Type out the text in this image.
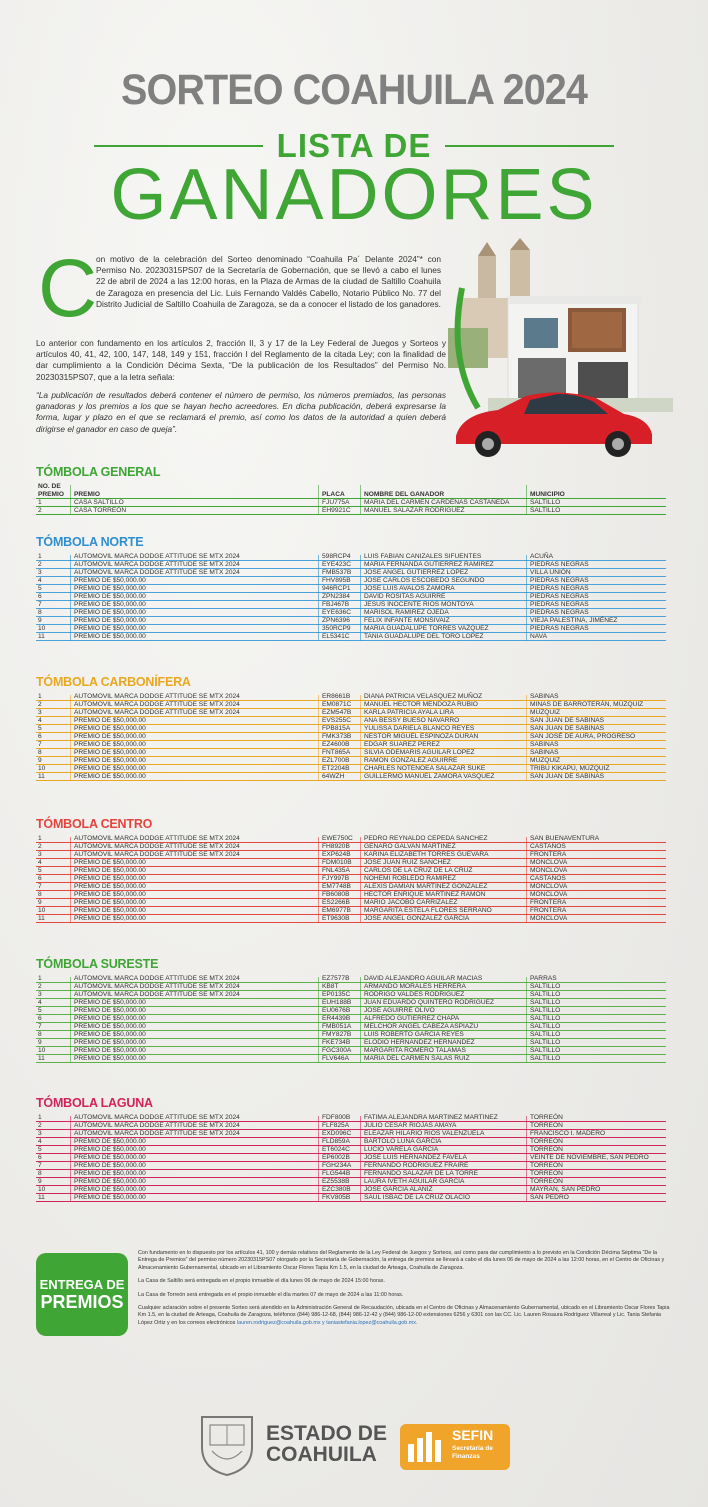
SORTEO COAHUILA 2024
LISTA DE
GANADORES
C
on motivo de la celebración del Sorteo denominado “Coahuila Pa´ Delante 2024”* con Permiso No. 20230315PS07 de la Secretaría de Gobernación, que se llevó a cabo el lunes 22 de abril de 2024 a las 12:00 horas, en la Plaza de Armas de la ciudad de Saltillo Coahuila de Zaragoza en presencia del Lic. Luis Fernando Valdés Cabello, Notario Público No. 77 del Distrito Judicial de Saltillo Coahuila de Zaragoza, se da a conocer el listado de los ganadores.
Lo anterior con fundamento en los artículos 2, fracción II, 3 y 17 de la Ley Federal de Juegos y Sorteos y artículos 40, 41, 42, 100, 147, 148, 149 y 151, fracción I del Reglamento de la citada Ley; con la finalidad de dar cumplimiento a la Condición Décima Sexta, “De la publicación de los Resultados” del Permiso No. 20230315PS07, que a la letra señala:
“La publicación de resultados deberá contener el número de permiso, los números premiados, las personas ganadoras y los premios a los que se hayan hecho acreedores. En dicha publicación, deberá expresarse la forma, lugar y plazo en el que se reclamará el premio, así como los datos de la autoridad a quien deberá dirigirse el ganador en caso de queja”.
TÓMBOLA GENERAL
NO. DE PREMIO	PREMIO	PLACA	NOMBRE DEL GANADOR	MUNICIPIO
1	CASA SALTILLO	FJU775A MARIA DEL CARMEN CARDENAS CASTAÑEDA	SALTILLO
2	CASA TORREÓN	EH9921C MANUEL SALAZAR RODRIGUEZ	SALTILLO
TÓMBOLA NORTE
1	AUTOMOVIL MARCA DODGE ATTITUDE SE MTX 2024	598RCP4 LUIS FABIAN CANIZALES SIFUENTES	ACUÑA
2	AUTOMOVIL MARCA DODGE ATTITUDE SE MTX 2024	EYE423C MARIA FERNANDA GUTIERREZ RAMIREZ	PIEDRAS NEGRAS
3	AUTOMOVIL MARCA DODGE ATTITUDE SE MTX 2024	FMB537B JOSE ANGEL GUTIERREZ LOPEZ	VILLA UNIÓN
4	PREMIO DE $50,000.00	FHV895B JOSE CARLOS ESCOBEDO SEGUNDO	PIEDRAS NEGRAS
5	PREMIO DE $50,000.00	946RCP1 JOSE LUIS AVALOS ZAMORA	PIEDRAS NEGRAS
6	PREMIO DE $50,000.00	ZPN2384 DAVID ROSITAS AGUIRRE	PIEDRAS NEGRAS
7	PREMIO DE $50,000.00	FBJ467B JESUS INOCENTE RIOS MONTOYA	PIEDRAS NEGRAS
8	PREMIO DE $50,000.00	EYE636C MARISOL RAMIREZ OJEDA	PIEDRAS NEGRAS
9	PREMIO DE $50,000.00	ZPN6396 FELIX INFANTE MONSIVAIZ	VIEJA PALESTINA, JIMÉNEZ
10	PREMIO DE $50,000.00	350RCP9 MARIA GUADALUPE TORRES VAZQUEZ	PIEDRAS NEGRAS
11	PREMIO DE $50,000.00	EL5341C TANIA GUADALUPE DEL TORO LOPEZ	NAVA
TÓMBOLA CARBONÍFERA
1	AUTOMOVIL MARCA DODGE ATTITUDE SE MTX 2024	ER8661B DIANA PATRICIA VELASQUEZ MUÑOZ	SABINAS
2	AUTOMOVIL MARCA DODGE ATTITUDE SE MTX 2024	EM0871C MANUEL HECTOR MENDOZA RUBIO	MINAS DE BARROTERÁN, MÚZQUIZ
3	AUTOMOVIL MARCA DODGE ATTITUDE SE MTX 2024	EZM547B KARLA PATRICIA AYALA LIRA	MÚZQUIZ
4	PREMIO DE $50,000.00	EVS255C ANA BESSY BUESO NAVARRO	SAN JUAN DE SABINAS
5	PREMIO DE $50,000.00	FPB815A YULISSA DARIELA BLANCO REYES	SAN JUAN DE SABINAS
6	PREMIO DE $50,000.00	FMK373B NESTOR MIGUEL ESPINOZA DURAN	SAN JOSÉ DE AURA, PROGRESO
7	PREMIO DE $50,000.00	EZ4600B EDGAR SUAREZ PEREZ	SABINAS
8	PREMIO DE $50,000.00	FNT865A SILVIA ODEMARIS AGUILAR LOPEZ	SABINAS
9	PREMIO DE $50,000.00	EZL700B RAMON GONZALEZ AGUIRRE	MÚZQUIZ
10	PREMIO DE $50,000.00	ET2204B CHARLES NOTENOEA SALAZAR SUKE	TRIBU KIKAPÚ, MÚZQUIZ
11	PREMIO DE $50,000.00	64WZH	GUILLERMO MANUEL ZAMORA VASQUEZ	SAN JUAN DE SABINAS
TÓMBOLA CENTRO
1	AUTOMOVIL MARCA DODGE ATTITUDE SE MTX 2024	EWE750C PEDRO REYNALDO CEPEDA SANCHEZ	SAN BUENAVENTURA
2	AUTOMOVIL MARCA DODGE ATTITUDE SE MTX 2024	FH8920B GENARO GALVAN MARTINEZ	CASTAÑOS
3	AUTOMOVIL MARCA DODGE ATTITUDE SE MTX 2024	EXP624B KARINA ELIZABETH TORRES GUEVARA	FRONTERA
4	PREMIO DE $50,000.00	FDM010B JOSE JUAN RUIZ SANCHEZ	MONCLOVA
5	PREMIO DE $50,000.00	FNL435A CARLOS DE LA CRUZ DE LA CRUZ	MONCLOVA
6	PREMIO DE $50,000.00	FJY997B NOHEMI ROBLEDO RAMIREZ	CASTAÑOS
7	PREMIO DE $50,000.00	EM7748B ALEXIS DAMIAN MARTINEZ GONZALEZ	MONCLOVA
8	PREMIO DE $50,000.00	FB6080B HECTOR ENRIQUE MARTINEZ RAMON	MONCLOVA
9	PREMIO DE $50,000.00	ES2266B MARIO JACOBO CARRIZALEZ	FRONTERA
10	PREMIO DE $50,000.00	EM6977B MARGARITA ESTELA FLORES SERRANO	FRONTERA
11	PREMIO DE $50,000.00	ET9630B JOSE ANGEL GONZALEZ GARCIA	MONCLOVA
TÓMBOLA SURESTE
1	AUTOMOVIL MARCA DODGE ATTITUDE SE MTX 2024	EZ7577B DAVID ALEJANDRO AGUILAR MACIAS	PARRAS
2	AUTOMOVIL MARCA DODGE ATTITUDE SE MTX 2024	KB8T	ARMANDO MORALES HERRERA	SALTILLO
3	AUTOMOVIL MARCA DODGE ATTITUDE SE MTX 2024	EP0135C RODRIGO VALDES RODRIGUEZ	SALTILLO
4	PREMIO DE $50,000.00	EUH188B JUAN EDUARDO QUINTERO RODRIGUEZ	SALTILLO
5	PREMIO DE $50,000.00	EU0676B JOSE AGUIRRE OLIVO	SALTILLO
6	PREMIO DE $50,000.00	ER4439B ALFREDO GUTIERREZ CHAPA	SALTILLO
7	PREMIO DE $50,000.00	FMB051A MELCHOR ANGEL CABEZA ASPIAZU	SALTILLO
8	PREMIO DE $50,000.00	FMY827B LUIS ROBERTO GARCIA REYES	SALTILLO
9	PREMIO DE $50,000.00	FKE734B ELODIO HERNANDEZ HERNANDEZ	SALTILLO
10	PREMIO DE $50,000.00	FGC300A MARGARITA ROMERO TALAMAS	SALTILLO
11	PREMIO DE $50,000.00	FLV646A MARIA DEL CARMEN SALAS RUIZ	SALTILLO
TÓMBOLA LAGUNA
1	AUTOMOVIL MARCA DODGE ATTITUDE SE MTX 2024	FDF800B FATIMA ALEJANDRA MARTINEZ MARTINEZ	TORREÓN
2	AUTOMOVIL MARCA DODGE ATTITUDE SE MTX 2024	FLF825A JULIO CESAR RIOJAS AMAYA	TORREÓN
3	AUTOMOVIL MARCA DODGE ATTITUDE SE MTX 2024	EXD096C ELEAZAR HILARIO RIOS VALENZUELA	FRANCISCO I. MADERO
4	PREMIO DE $50,000.00	FLD859A BARTOLO LUNA GARCIA	TORREÓN
5	PREMIO DE $50,000.00	ET6024C LUCIO VARELA GARCIA	TORREÓN
6	PREMIO DE $50,000.00	EP6002B JOSE LUIS HERNANDEZ FAVELA	VEINTE DE NOVIEMBRE, SAN PEDRO
7	PREMIO DE $50,000.00	FGH234A FERNANDO RODRIGUEZ FRAIRE	TORREÓN
8	PREMIO DE $50,000.00	FLG544B FERNANDO SALAZAR DE LA TORRE	TORREÓN
9	PREMIO DE $50,000.00	EZ5538B LAURA IVETH AGUILAR GARCIA	TORREÓN
10	PREMIO DE $50,000.00	EZC380B JOSE GARCIA ALANIZ	MAYRAN, SAN PEDRO
11	PREMIO DE $50,000.00	FKV805B SAUL ISBAC DE LA CRUZ OLACIO	SAN PEDRO
ENTREGA DE
PREMIOS

Con fundamento en lo dispuesto por los artículos 41, 100 y demás relativos del Reglamento de la Ley Federal de Juegos y Sorteos, así como para dar cumplimiento a lo previsto en la Condición Décima Séptima “De la Entrega de Premios” del permiso número 20230315PS07 otorgado por la Secretaría de Gobernación, la entrega de premios se llevará a cabo el día lunes 06 de mayo de 2024 a las 12:00 horas, en el Centro de Oficinas y Almacenamiento Gubernamental, ubicado en el Libramiento Oscar Flores Tapia Km 1.5, en la ciudad de Arteaga, Coahuila de Zaragoza.

La Casa de Saltillo será entregada en el propio inmueble el día lunes 06 de mayo de 2024 15:00 horas.

La Casa de Torreón será entregada en el propio inmueble el día martes 07 de mayo de 2024 a las 11:00 horas.

Cualquier aclaración sobre el presente Sorteo será atendido en la Administración General de Recaudación, ubicada en el Centro de Oficinas y Almacenamiento Gubernamental, ubicado en el Libramiento Oscar Flores Tapia Km 1.5, en la ciudad de Arteaga, Coahuila de Zaragoza, teléfonos (844) 986-12-68, (844) 986-12-42 y (844) 986-12-00 extensiones 6256 y 6301 con las CC. Lic. Lauren Rosaura Rodríguez Villarreal y Lic. Tania Stefania López Ortiz y en los correos electrónicos lauren.rodriguez@coahuila.gob.mx y taniastefania.lopez@coahuila.gob.mx.

ESTADO DE
COAHUILA
SEFIN
Secretaría de
Finanzas
